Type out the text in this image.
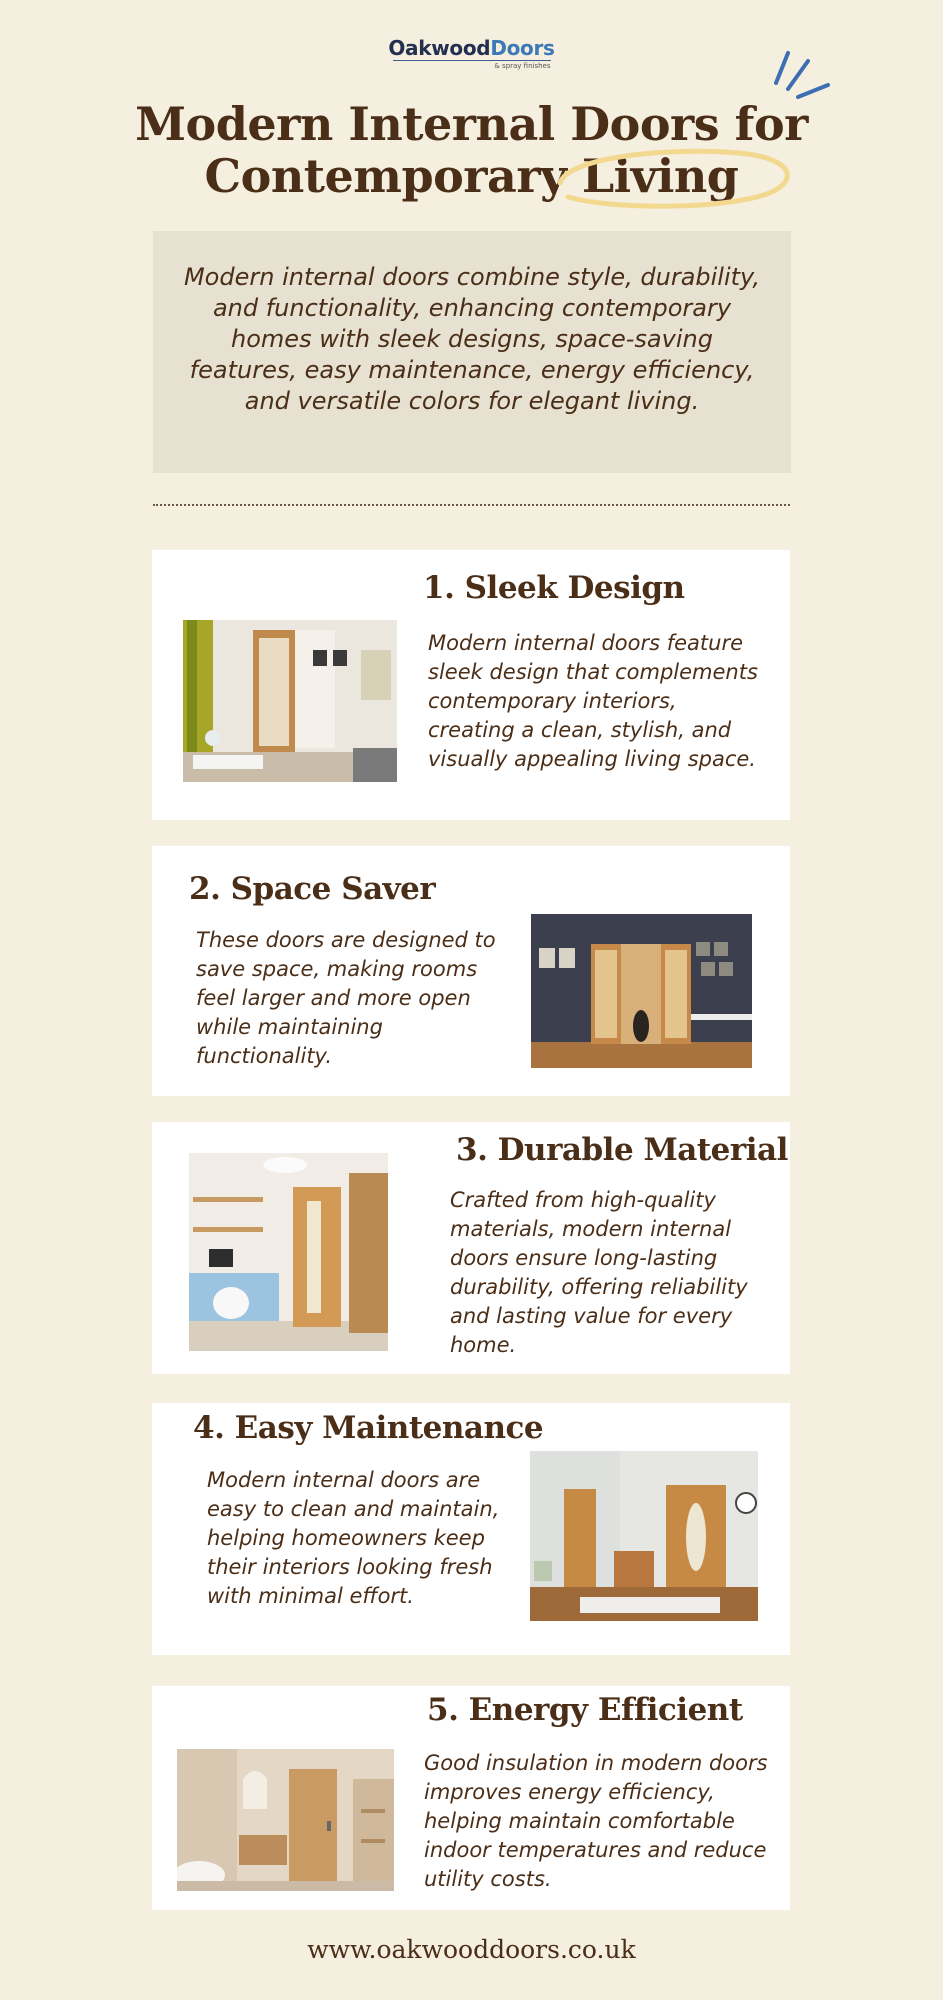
OakwoodDoors
& spray finishes
Modern Internal Doors for
Contemporary Living
Modern internal doors combine style, durability, and functionality, enhancing contemporary homes with sleek designs, space-saving features, easy maintenance, energy efficiency, and versatile colors for elegant living.
1. Sleek Design
Modern internal doors feature sleek design that complements contemporary interiors, creating a clean, stylish, and visually appealing living space.
2. Space Saver
These doors are designed to save space, making rooms feel larger and more open while maintaining functionality.
3. Durable Material
Crafted from high-quality materials, modern internal doors ensure long-lasting durability, offering reliability and lasting value for every home.
4. Easy Maintenance
Modern internal doors are easy to clean and maintain, helping homeowners keep their interiors looking fresh with minimal effort.
5. Energy Efficient
Good insulation in modern doors improves energy efficiency, helping maintain comfortable indoor temperatures and reduce utility costs.
www.oakwooddoors.co.uk
